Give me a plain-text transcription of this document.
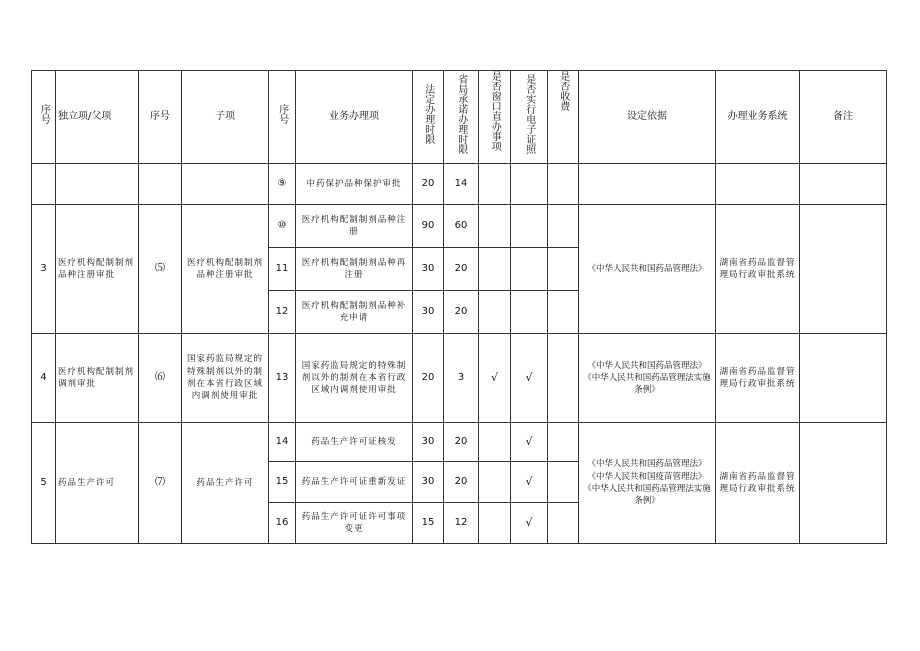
序号	独立项/父项	序号	子项	序号	业务办理项	法定办理时限	省局承诺办理时限	是否窗口直办事项	是否实行电子证照	是否收费	设定依据	办理业务系统	备注
				⑨	中药保护品种保护审批	20	14						
3	医疗机构配制制剂品种注册审批	⑸	医疗机构配制制剂品种注册审批	⑩	医疗机构配制制剂品种注册	90	60				《中华人民共和国药品管理法》	湖南省药品监督管理局行政审批系统	
				11	医疗机构配制制剂品种再注册	30	20						
				12	医疗机构配制制剂品种补充申请	30	20						
4	医疗机构配制制剂调剂审批	⑹	国家药监局规定的特殊制剂以外的制剂在本省行政区域内调剂使用审批	13	国家药监局规定的特殊制剂以外的制剂在本省行政区域内调剂使用审批	20	3	√	√		《中华人民共和国药品管理法》
《中华人民共和国药品管理法实施条例》	湖南省药品监督管理局行政审批系统	
5	药品生产许可	⑺	药品生产许可	14	药品生产许可证核发	30	20		√		《中华人民共和国药品管理法》
《中华人民共和国疫苗管理法》
《中华人民共和国药品管理法实施条例》	湖南省药品监督管理局行政审批系统	
				15	药品生产许可证重新发证	30	20		√				
				16	药品生产许可证许可事项变更	15	12		√				
